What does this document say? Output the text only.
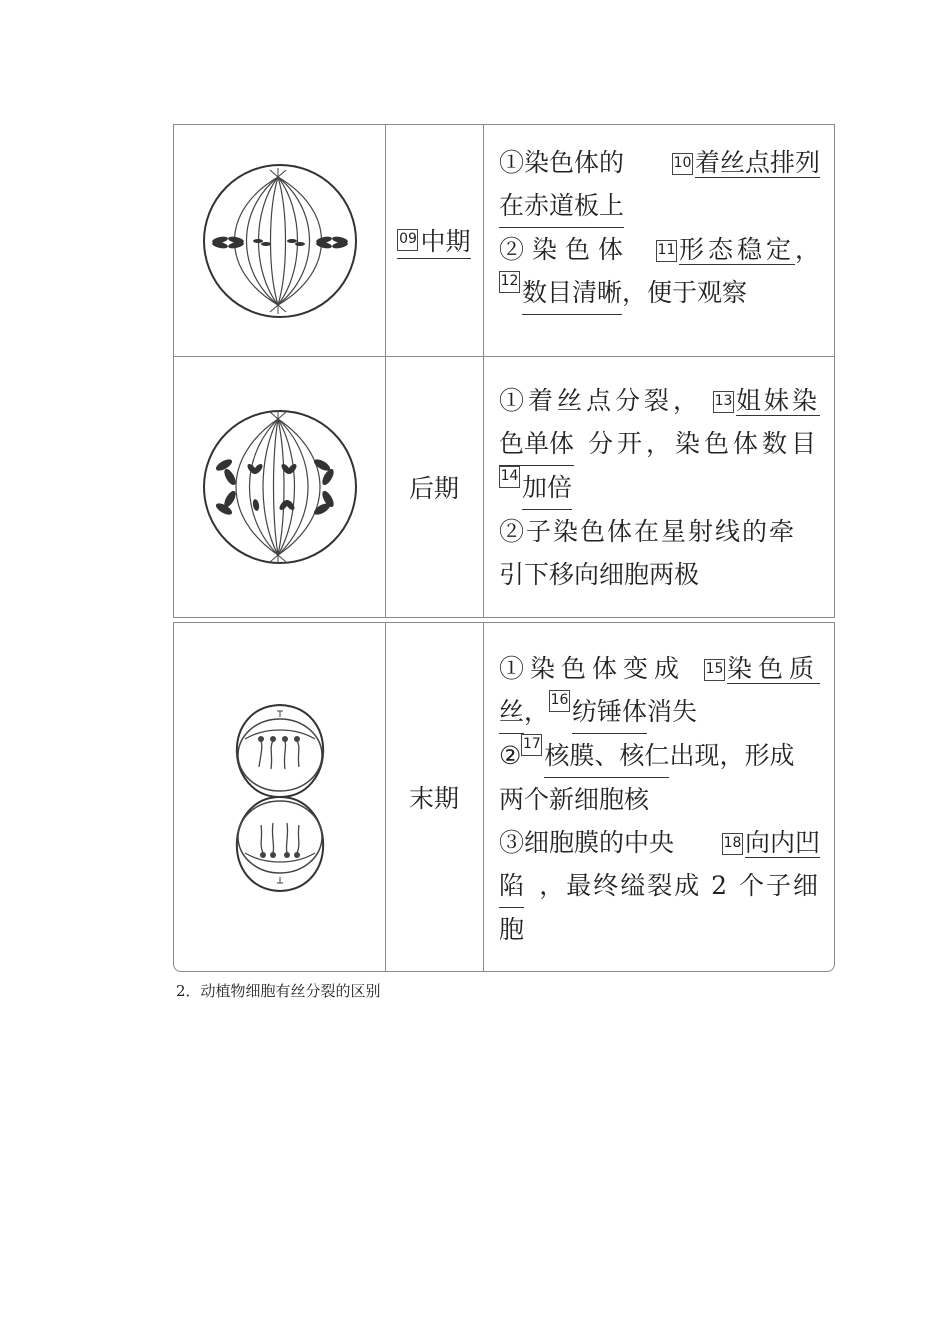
09 中期
①染色体的	10 着丝点排列
在赤道板上
②染色体 11 形态稳定，
12 数目清晰 ，便于观察
后期
①着丝点分裂， 13 姐妹染
色单体 分开，染色体数目
14 加倍
②子染色体在星射线的牵
引下移向细胞两极
末期
①染色体变成 15 染色质
丝 ， 16 纺锤体 消失
② 17 核膜、核仁 出现，形成
两个新细胞核
③细胞膜的中央	18 向内凹
陷 ，最终缢裂成 2 个子细
胞
2．动植物细胞有丝分裂的区别
